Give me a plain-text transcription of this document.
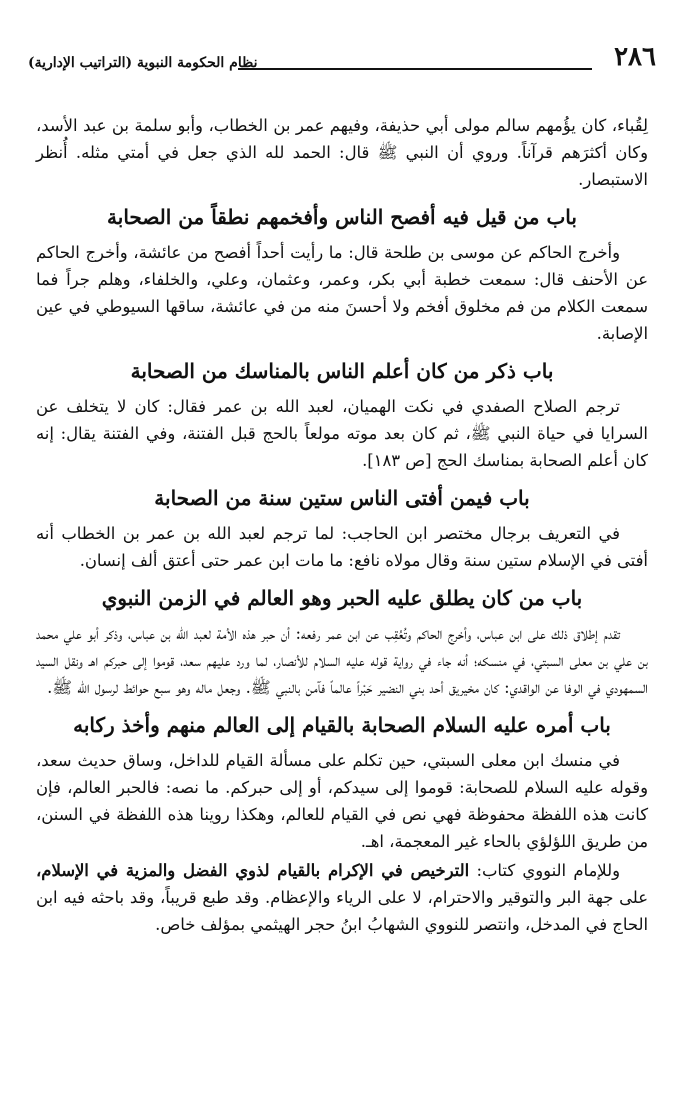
٢٨٦
نظام الحكومة النبوية (التراتيب الإدارية)

لِقُباء، كان يؤُمهم سالم مولى أبي حذيفة، وفيهم عمر بن الخطاب، وأبو سلمة بن عبد الأسد، وكان أكثرَهم قرآناً. وروي أن النبي ﷺ قال: الحمد لله الذي جعل في أمتي مثله. أُنظر الاستبصار.

باب من قيل فيه أفصح الناس وأفخمهم نطقاً من الصحابة

وأخرج الحاكم عن موسى بن طلحة قال: ما رأيت أحداً أفصح من عائشة، وأخرج الحاكم عن الأحنف قال: سمعت خطبة أبي بكر، وعمر، وعثمان، وعلي، والخلفاء، وهلم جراً فما سمعت الكلام من فم مخلوق أفخم ولا أحسنَ منه من في عائشة، ساقها السيوطي في عين الإصابة.

باب ذكر من كان أعلم الناس بالمناسك من الصحابة

ترجم الصلاح الصفدي في نكت الهميان، لعبد الله بن عمر فقال: كان لا يتخلف عن السرايا في حياة النبي ﷺ، ثم كان بعد موته مولعاً بالحج قبل الفتنة، وفي الفتنة يقال: إنه كان أعلم الصحابة بمناسك الحج [ص ١٨٣].

باب فيمن أفتى الناس ستين سنة من الصحابة

في التعريف برجال مختصر ابن الحاجب: لما ترجم لعبد الله بن عمر بن الخطاب أنه أفتى في الإسلام ستين سنة وقال مولاه نافع: ما مات ابن عمر حتى أعتق ألف إنسان.

باب من كان يطلق عليه الحبر وهو العالم في الزمن النبوي

تقدم إطلاق ذلك على ابن عباس، وأخرج الحاكم وتُعُقِب عن ابن عمر رفعه: أن حبر هذه الأمة لعبد الله بن عباس، وذكر أبو علي محمد بن علي بن معلى السبتي، في منسكه؛ أنه جاء في رواية قوله عليه السلام للأنصار، لما ورد عليهم سعد، قوموا إلى حبركم اهـ ونقل السيد السمهودي في الوفا عن الواقدي: كان مخيريق أحد بني النضير حَبْراً عالماً فآمن بالنبي ﷺ. وجعل ماله وهو سبع حوائط لرسول الله ﷺ.

باب أمره عليه السلام الصحابة بالقيام إلى العالم منهم وأخذ ركابه

في منسك ابن معلى السبتي، حين تكلم على مسألة القيام للداخل، وساق حديث سعد، وقوله عليه السلام للصحابة: قوموا إلى سيدكم، أو إلى حبركم. ما نصه: فالحبر العالم، فإن كانت هذه اللفظة محفوظة فهي نص في القيام للعالم، وهكذا روينا هذه اللفظة في السنن، من طريق اللؤلؤي بالحاء غير المعجمة، اهـ.

وللإمام النووي كتاب: الترخيص في الإكرام بالقيام لذوي الفضل والمزية في الإسلام، على جهة البر والتوقير والاحترام، لا على الرياء والإعظام. وقد طبع قريباً، وقد باحثه فيه ابن الحاج في المدخل، وانتصر للنووي الشهابُ ابنُ حجر الهيثمي بمؤلف خاص.
